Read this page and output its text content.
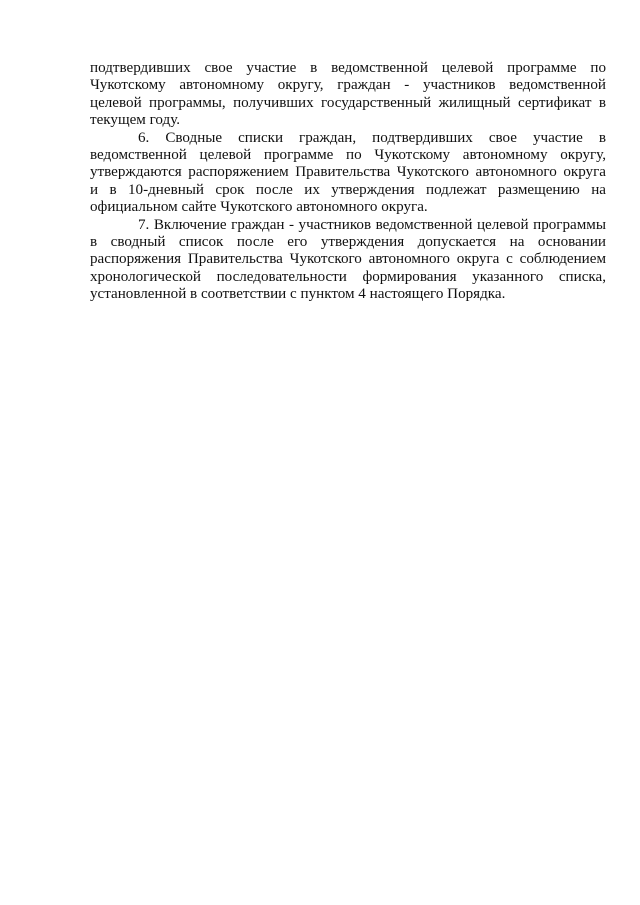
подтвердивших свое участие в ведомственной целевой программе по
Чукотскому автономному округу, граждан - участников ведомственной
целевой программы, получивших государственный жилищный сертификат в
текущем году.
6. Сводные списки граждан, подтвердивших свое участие в
ведомственной целевой программе по Чукотскому автономному округу,
утверждаются распоряжением Правительства Чукотского автономного округа
и в 10-дневный срок после их утверждения подлежат размещению на
официальном сайте Чукотского автономного округа.
7. Включение граждан - участников ведомственной целевой программы
в сводный список после его утверждения допускается на основании
распоряжения Правительства Чукотского автономного округа с соблюдением
хронологической последовательности формирования указанного списка,
установленной в соответствии с пунктом 4 настоящего Порядка.
